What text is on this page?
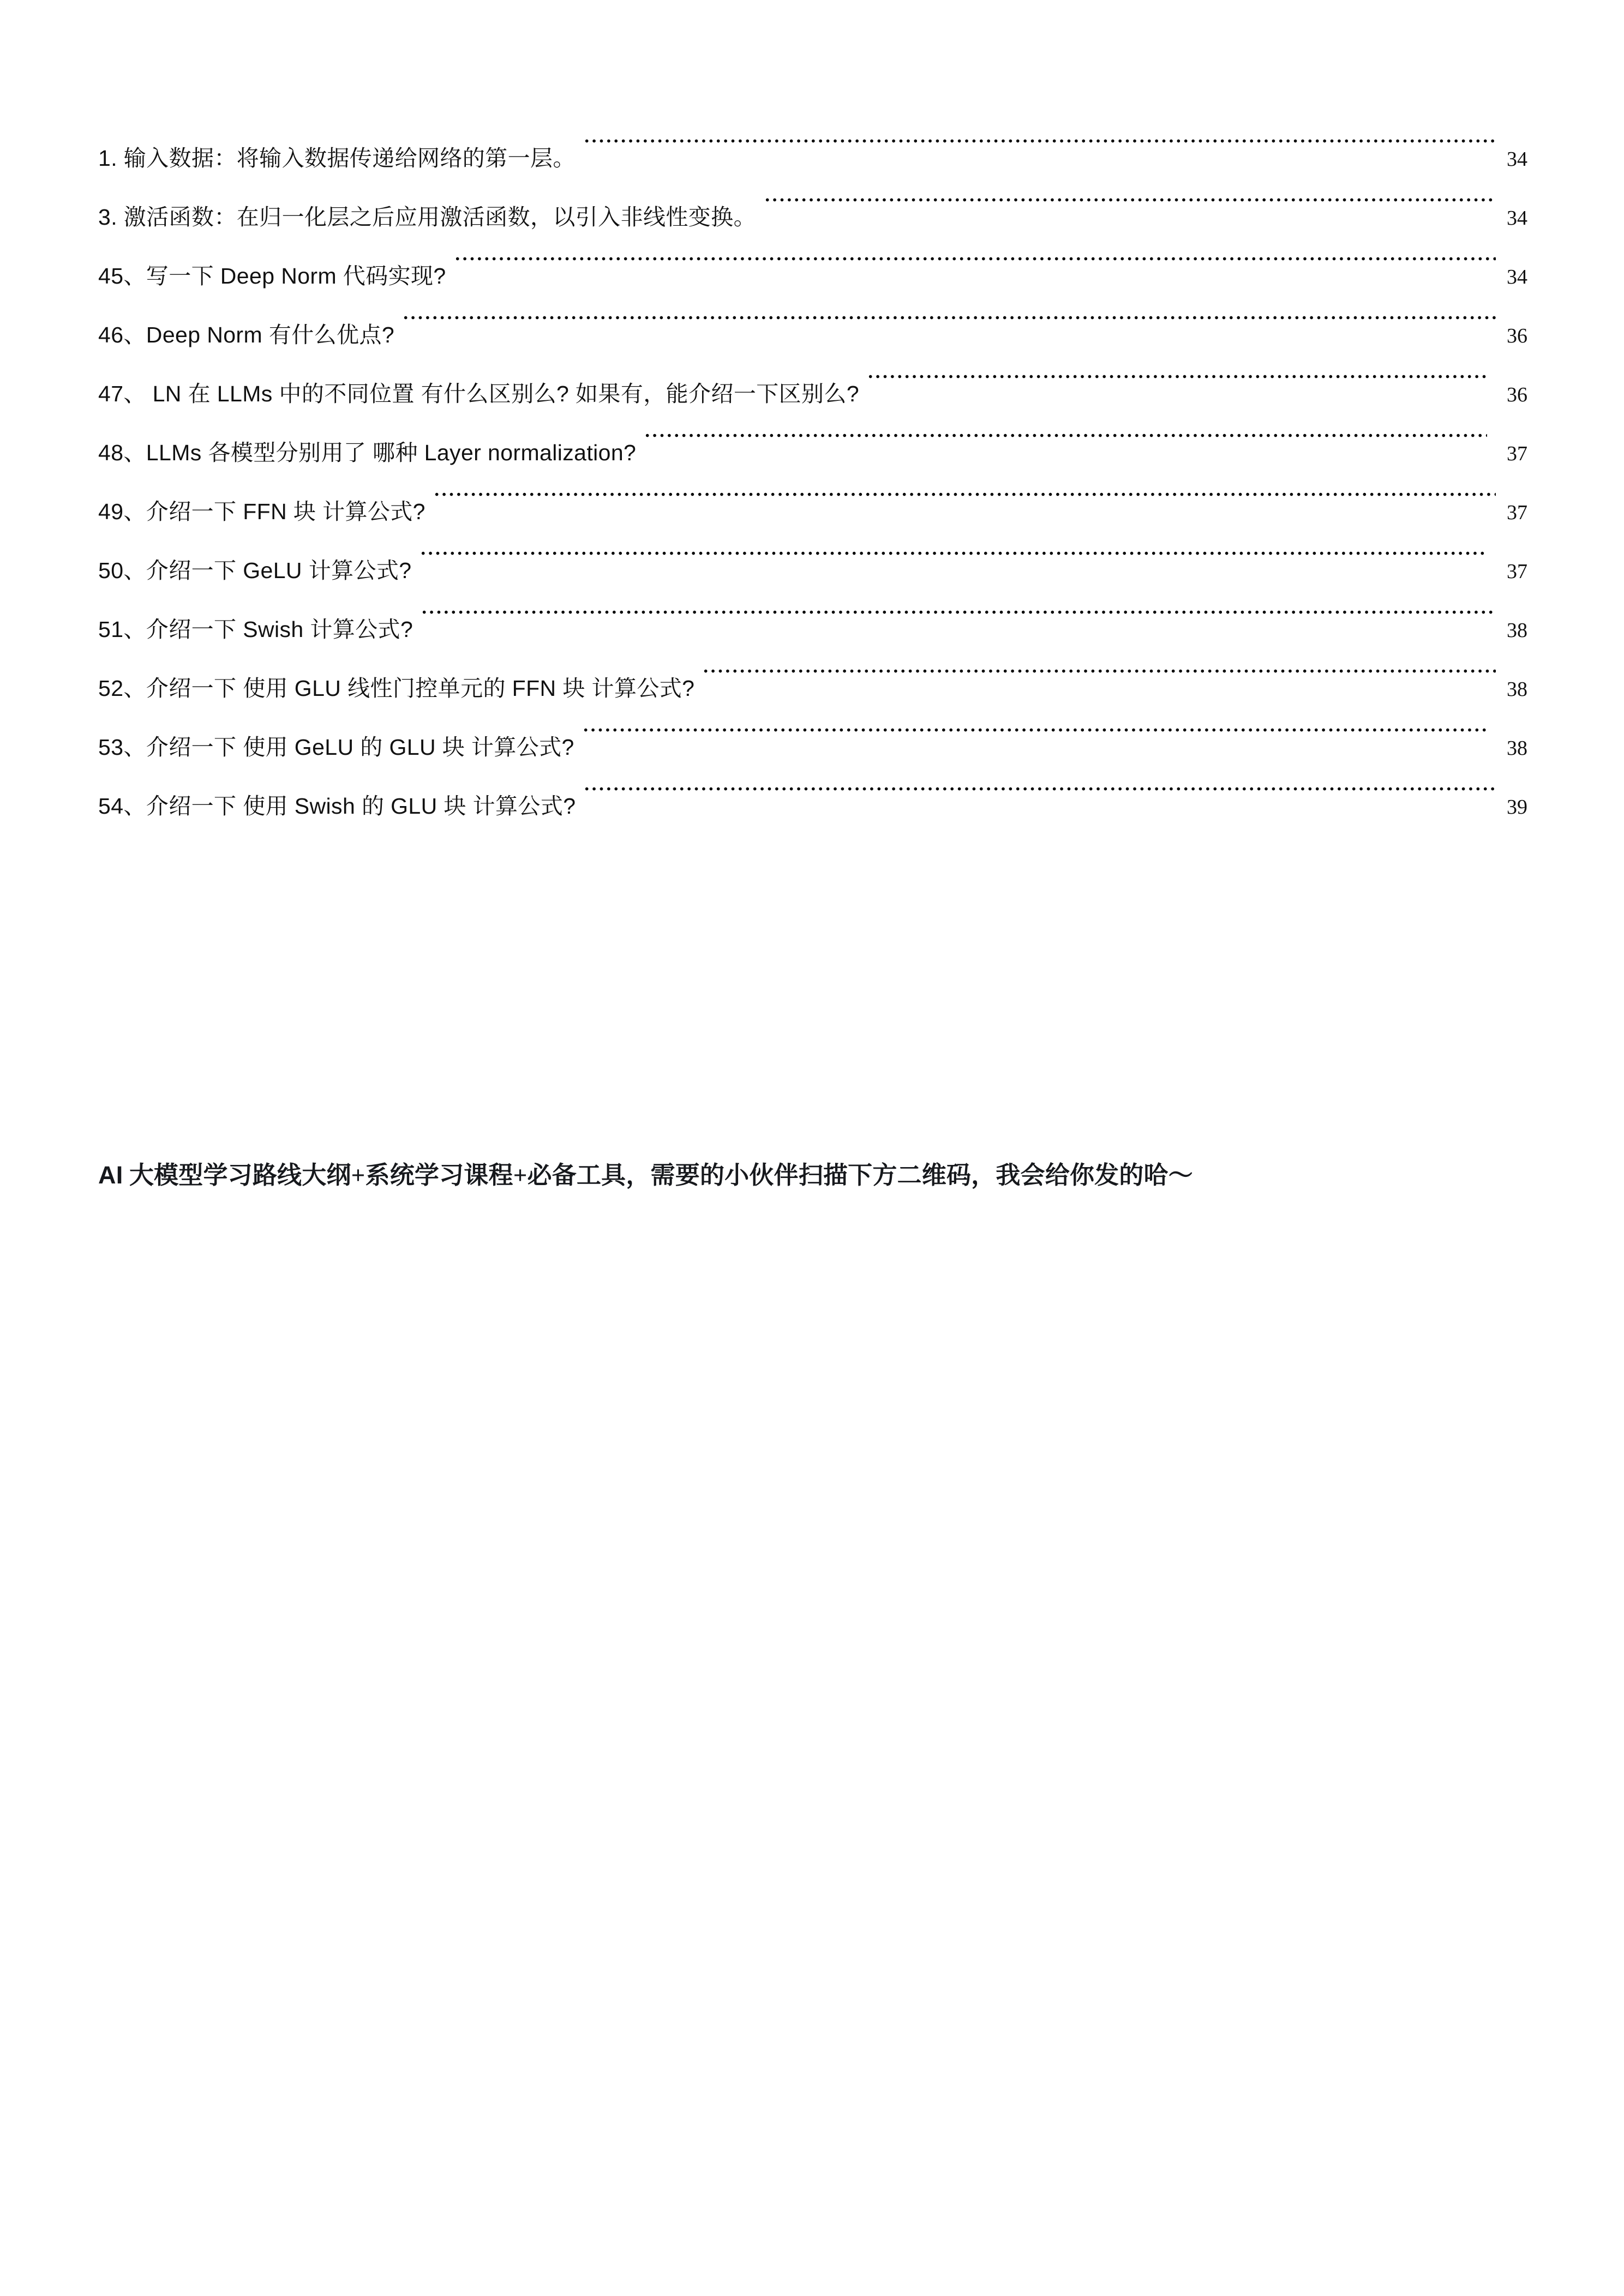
1. 输入数据：将输入数据传递给网络的第一层。	34
3. 激活函数：在归一化层之后应用激活函数，以引入非线性变换。	34
45、写一下 Deep Norm 代码实现?	34
46、Deep Norm 有什么优点?	36
47、 LN 在 LLMs 中的不同位置 有什么区别么? 如果有，能介绍一下区别么?	36
48、LLMs 各模型分别用了 哪种 Layer normalization?	37
49、介绍一下 FFN 块 计算公式?	37
50、介绍一下 GeLU 计算公式?	37
51、介绍一下 Swish 计算公式?	38
52、介绍一下 使用 GLU 线性门控单元的 FFN 块 计算公式?	38
53、介绍一下 使用 GeLU 的 GLU 块 计算公式?	38
54、介绍一下 使用 Swish 的 GLU 块 计算公式?	39
AI 大模型学习路线大纲+系统学习课程+必备工具，需要的小伙伴扫描下方二维码，我会给你发的哈～
